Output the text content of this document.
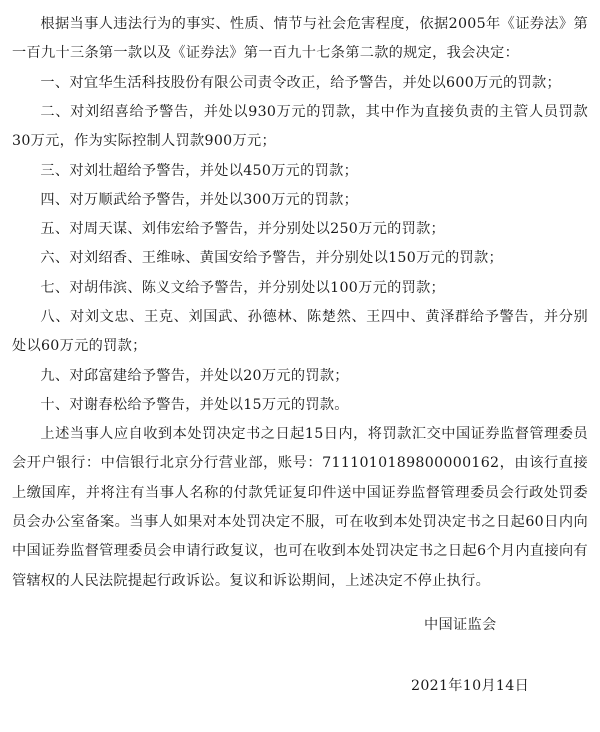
根据当事人违法行为的事实、性质、情节与社会危害程度，依据2005年《证券法》第一百九十三条第一款以及《证券法》第一百九十七条第二款的规定，我会决定：

一、对宜华生活科技股份有限公司责令改正，给予警告，并处以600万元的罚款；

二、对刘绍喜给予警告，并处以930万元的罚款，其中作为直接负责的主管人员罚款30万元，作为实际控制人罚款900万元；

三、对刘壮超给予警告，并处以450万元的罚款；

四、对万顺武给予警告，并处以300万元的罚款；

五、对周天谋、刘伟宏给予警告，并分别处以250万元的罚款；

六、对刘绍香、王维咏、黄国安给予警告，并分别处以150万元的罚款；

七、对胡伟滨、陈义文给予警告，并分别处以100万元的罚款；

八、对刘文忠、王克、刘国武、孙德林、陈楚然、王四中、黄泽群给予警告，并分别处以60万元的罚款；

九、对邱富建给予警告，并处以20万元的罚款；

十、对谢春松给予警告，并处以15万元的罚款。

上述当事人应自收到本处罚决定书之日起15日内，将罚款汇交中国证券监督管理委员会开户银行：中信银行北京分行营业部，账号：7111010189800000162，由该行直接上缴国库，并将注有当事人名称的付款凭证复印件送中国证券监督管理委员会行政处罚委员会办公室备案。当事人如果对本处罚决定不服，可在收到本处罚决定书之日起60日内向中国证券监督管理委员会申请行政复议，也可在收到本处罚决定书之日起6个月内直接向有管辖权的人民法院提起行政诉讼。复议和诉讼期间，上述决定不停止执行。

中国证监会

2021年10月14日
